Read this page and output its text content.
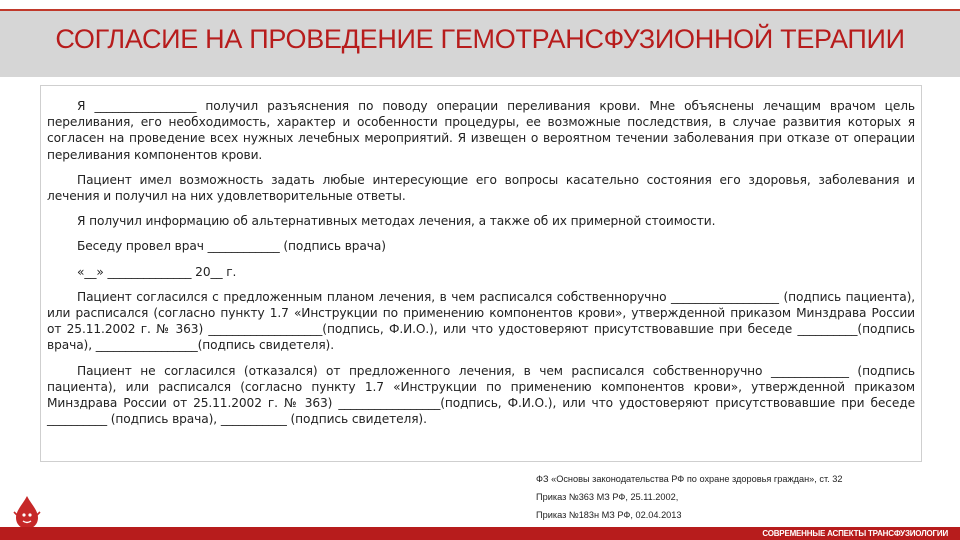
СОГЛАСИЕ НА ПРОВЕДЕНИЕ ГЕМОТРАНСФУЗИОННОЙ ТЕРАПИИ

Я _________________ получил разъяснения по поводу операции переливания крови. Мне объяснены лечащим врачом цель переливания, его необходимость, характер и особенности процедуры, ее возможные последствия, в случае развития которых я согласен на проведение всех нужных лечебных мероприятий. Я извещен о вероятном течении заболевания при отказе от операции переливания компонентов крови.

Пациент имел возможность задать любые интересующие его вопросы касательно состояния его здоровья, заболевания и лечения и получил на них удовлетворительные ответы.

Я получил информацию об альтернативных методах лечения, а также об их примерной стоимости.

Беседу провел врач ____________ (подпись врача)

«__» ______________ 20__ г.

Пациент согласился с предложенным планом лечения, в чем расписался собственноручно __________________ (подпись пациента), или расписался (согласно пункту 1.7 «Инструкции по применению компонентов крови», утвержденной приказом Минздрава России от 25.11.2002 г. № 363) ___________________(подпись, Ф.И.О.), или что удостоверяют присутствовавшие при беседе __________(подпись врача), _________________(подпись свидетеля).

Пациент не согласился (отказался) от предложенного лечения, в чем расписался собственноручно _____________ (подпись пациента), или расписался (согласно пункту 1.7 «Инструкции по применению компонентов крови», утвержденной приказом Минздрава России от 25.11.2002 г. № 363) _________________(подпись, Ф.И.О.), или что удостоверяют присутствовавшие при беседе __________ (подпись врача), ___________ (подпись свидетеля).

ФЗ «Основы законодательства РФ по охране здоровья граждан», ст. 32
Приказ №363 МЗ РФ, 25.11.2002,
Приказ №183н МЗ РФ, 02.04.2013
СОВРЕМЕННЫЕ АСПЕКТЫ ТРАНСФУЗИОЛОГИИ
